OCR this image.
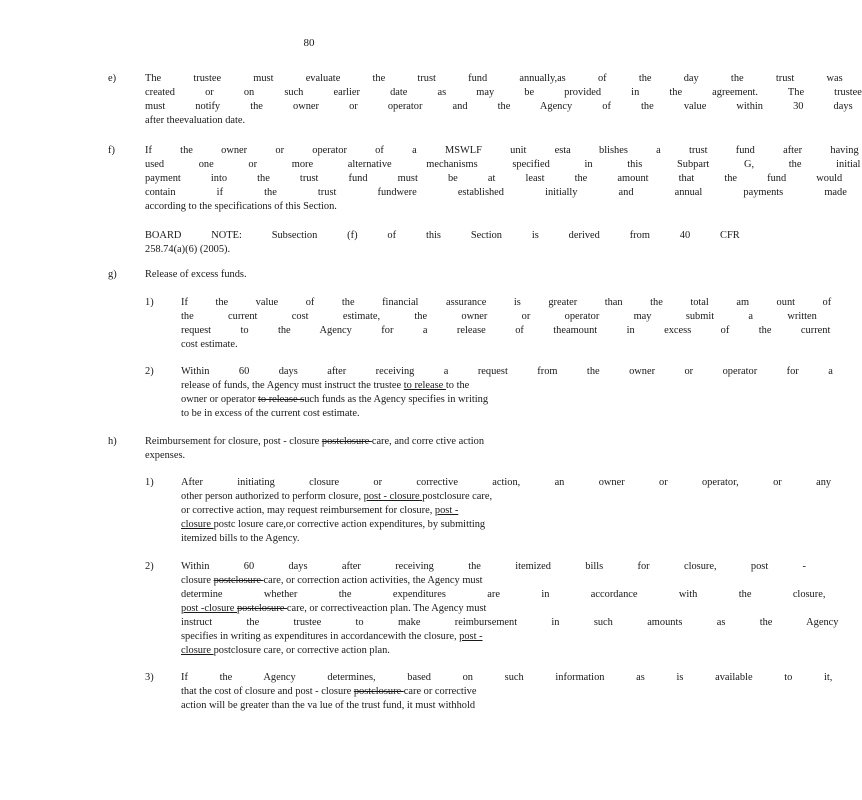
80
e)	The trustee must evaluate the trust fund annually,as of the day the trust was
created or on such earlier date as may be provided in the agreement. The trustee
must notify the owner or operator and the Agency of the value within 30 days
after theevaluation date.
f)	If the owner or operator of a MSWLF unit esta blishes a trust fund after having
used one or more alternative mechanisms specified in this Subpart G, the initial
payment into the trust fund must be at least the amount that the fund would
contain if the trust fundwere established initially and annual payments made
according to the specifications of this Section.
BOARD NOTE: Subsection (f) of this Section is derived from 40 CFR
258.74(a)(6) (2005).
g)	Release of excess funds.
1)	If the value of the financial assurance is greater than the total am ount of
the current cost estimate, the owner or operator may submit a written
request to the Agency for a release of theamount in excess of the current
cost estimate.
2)	Within 60 days after receiving a request from the owner or operator for a
release of funds, the Agency must instruct the trustee to release to the
owner or operator to release such funds as the Agency specifies in writing
to be in excess of the current cost estimate.
h)	Reimbursement for closure, post - closure postclosure care, and corre ctive action
expenses.
1)	After initiating closure or corrective action, an owner or operator, or any
other person authorized to perform closure, post - closure postclosure care,
or corrective action, may request reimbursement for closure, post -
closure postc losure care,or corrective action expenditures, by submitting
itemized bills to the Agency.
2)	Within 60 days after receiving the itemized bills for closure, post -
closure postclosure care, or correction action activities, the Agency must
determine whether the expenditures are in accordance with the closure,
post -closure postclosure care, or correctiveaction plan. The Agency must
instruct the trustee to make reimbursement in such amounts as the Agency
specifies in writing as expenditures in accordancewith the closure, post -
closure postclosure care, or corrective action plan.
3)	If the Agency determines, based on such information as is available to it,
that the cost of closure and post - closure postclosure care or corrective
action will be greater than the va lue of the trust fund, it must withhold
